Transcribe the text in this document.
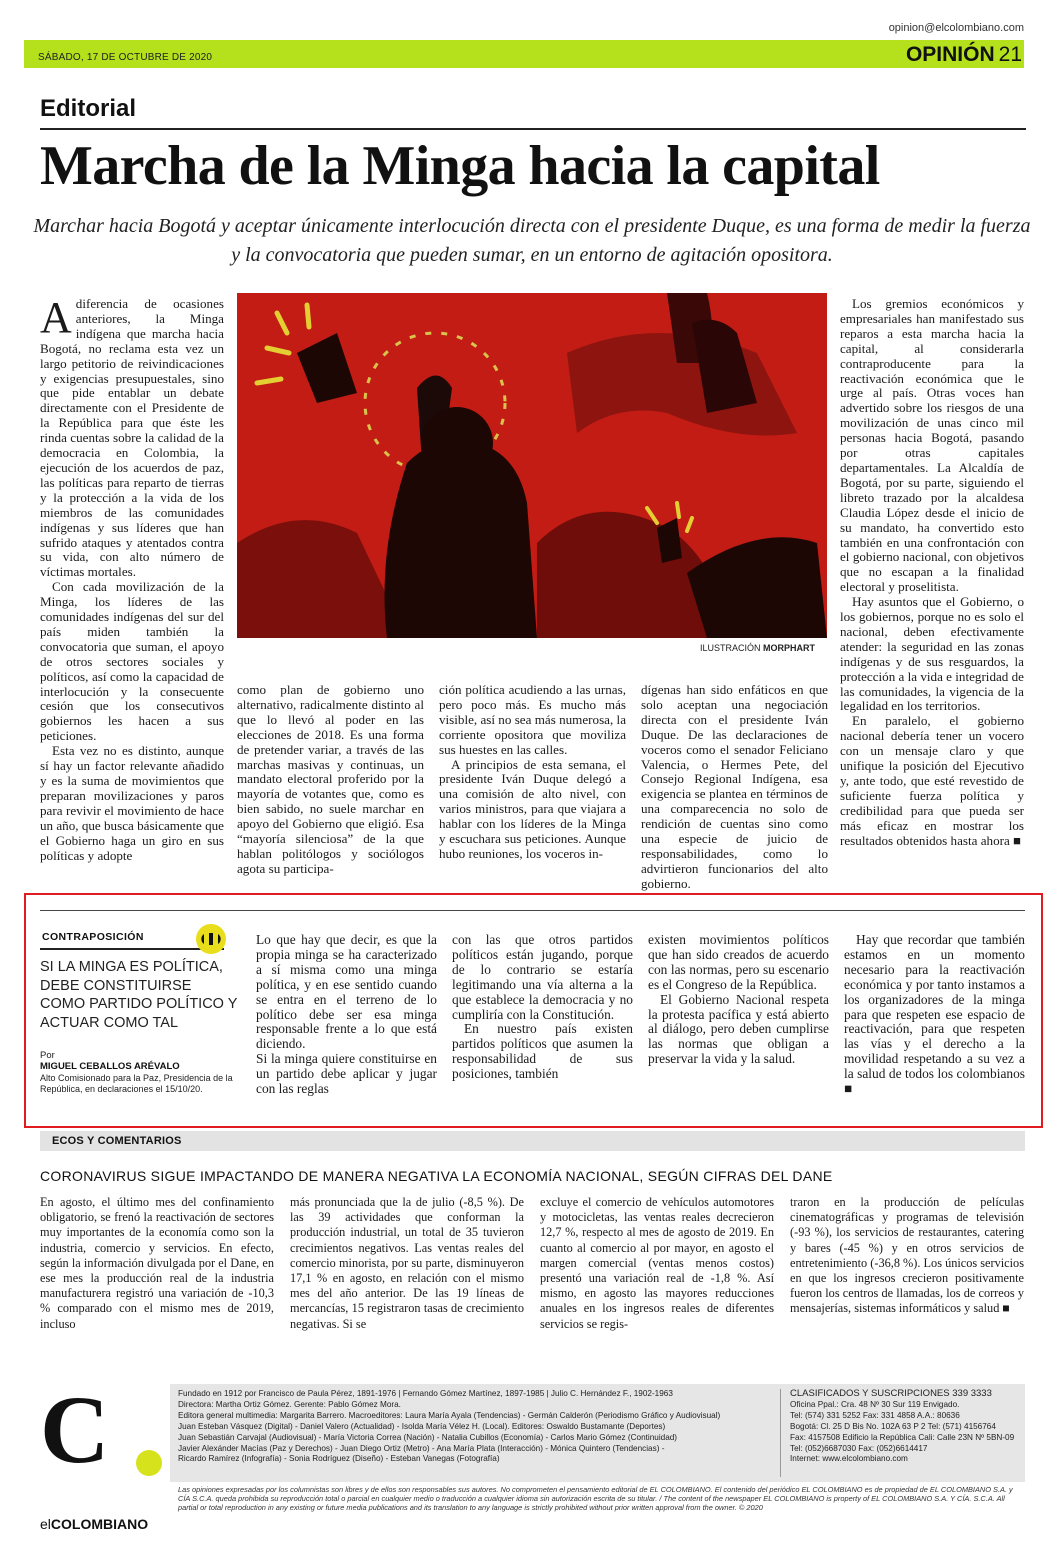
opinion@elcolombiano.com
SÁBADO, 17 DE OCTUBRE DE 2020	OPINIÓN 21
Editorial
Marcha de la Minga hacia la capital
Marchar hacia Bogotá y aceptar únicamente interlocución directa con el presidente Duque, es una forma de medir la fuerza y la convocatoria que pueden sumar, en un entorno de agitación opositora.

Adiferencia de ocasiones anteriores, la Minga indígena que marcha hacia Bogotá, no reclama esta vez un largo petitorio de reivindicaciones y exigencias presupuestales, sino que pide entablar un debate directamente con el Presidente de la República para que éste les rinda cuentas sobre la calidad de la democracia en Colombia, la ejecución de los acuerdos de paz, las políticas para reparto de tierras y la protección a la vida de los miembros de las comunidades indígenas y sus líderes que han sufrido ataques y atentados contra su vida, con alto número de víctimas mortales.

Con cada movilización de la Minga, los líderes de las comunidades indígenas del sur del país miden también la convocatoria que suman, el apoyo de otros sectores sociales y políticos, así como la capacidad de interlocución y la consecuente cesión que los consecutivos gobiernos les hacen a sus peticiones.

Esta vez no es distinto, aunque sí hay un factor relevante añadido y es la suma de movimientos que preparan movilizaciones y paros para revivir el movimiento de hace un año, que busca básicamente que el Gobierno haga un giro en sus políticas y adopte

ILUSTRACIÓN MORPHART

como plan de gobierno uno alternativo, radicalmente distinto al que lo llevó al poder en las elecciones de 2018. Es una forma de pretender variar, a través de las marchas masivas y continuas, un mandato electoral proferido por la mayoría de votantes que, como es bien sabido, no suele marchar en apoyo del Gobierno que eligió. Esa “mayoría silenciosa” de la que hablan politólogos y sociólogos agota su participa-

ción política acudiendo a las urnas, pero poco más. Es mucho más visible, así no sea más numerosa, la corriente opositora que moviliza sus huestes en las calles.

A principios de esta semana, el presidente Iván Duque delegó a una comisión de alto nivel, con varios ministros, para que viajara a hablar con los líderes de la Minga y escuchara sus peticiones. Aunque hubo reuniones, los voceros in-

dígenas han sido enfáticos en que solo aceptan una negociación directa con el presidente Iván Duque. De las declaraciones de voceros como el senador Feliciano Valencia, o Hermes Pete, del Consejo Regional Indígena, esa exigencia se plantea en términos de una comparecencia no solo de rendición de cuentas sino como una especie de juicio de responsabilidades, como lo advirtieron funcionarios del alto gobierno.

Los gremios económicos y empresariales han manifestado sus reparos a esta marcha hacia la capital, al considerarla contraproducente para la reactivación económica que le urge al país. Otras voces han advertido sobre los riesgos de una movilización de unas cinco mil personas hacia Bogotá, pasando por otras capitales departamentales. La Alcaldía de Bogotá, por su parte, siguiendo el libreto trazado por la alcaldesa Claudia López desde el inicio de su mandato, ha convertido esto también en una confrontación con el gobierno nacional, con objetivos que no escapan a la finalidad electoral y proselitista.

Hay asuntos que el Gobierno, o los gobiernos, porque no es solo el nacional, deben efectivamente atender: la seguridad en las zonas indígenas y de sus resguardos, la protección a la vida e integridad de las comunidades, la vigencia de la legalidad en los territorios.

En paralelo, el gobierno nacional debería tener un vocero con un mensaje claro y que unifique la posición del Ejecutivo y, ante todo, que esté revestido de suficiente fuerza política y credibilidad para que pueda ser más eficaz en mostrar los resultados obtenidos hasta ahora ■

CONTRAPOSICIÓN
SI LA MINGA ES POLÍTICA, DEBE CONSTITUIRSE COMO PARTIDO POLÍTICO Y ACTUAR COMO TAL
Por
MIGUEL CEBALLOS ARÉVALO
Alto Comisionado para la Paz, Presidencia de la República, en declaraciones el 15/10/20.

Lo que hay que decir, es que la propia minga se ha caracterizado a sí misma como una minga política, y en ese sentido cuando se entra en el terreno de lo político debe ser esa minga responsable frente a lo que está diciendo.

Si la minga quiere constituirse en un partido debe aplicar y jugar con las reglas

con las que otros partidos políticos están jugando, porque de lo contrario se estaría legitimando una vía alterna a la que establece la democracia y no cumpliría con la Constitución.

En nuestro país existen partidos políticos que asumen la responsabilidad de sus posiciones, también

existen movimientos políticos que han sido creados de acuerdo con las normas, pero su escenario es el Congreso de la República.

El Gobierno Nacional respeta la protesta pacífica y está abierto al diálogo, pero deben cumplirse las normas que obligan a preservar la vida y la salud.

Hay que recordar que también estamos en un momento necesario para la reactivación económica y por tanto instamos a los organizadores de la minga para que respeten ese espacio de reactivación, para que respeten las vías y el derecho a la movilidad respetando a su vez a la salud de todos los colombianos ■

ECOS Y COMENTARIOS
CORONAVIRUS SIGUE IMPACTANDO DE MANERA NEGATIVA LA ECONOMÍA NACIONAL, SEGÚN CIFRAS DEL DANE

En agosto, el último mes del confinamiento obligatorio, se frenó la reactivación de sectores muy importantes de la economía como son la industria, comercio y servicios. En efecto, según la información divulgada por el Dane, en ese mes la producción real de la industria manufacturera registró una variación de -10,3 % comparado con el mismo mes de 2019, incluso

más pronunciada que la de julio (-8,5 %). De las 39 actividades que conforman la producción industrial, un total de 35 tuvieron crecimientos negativos. Las ventas reales del comercio minorista, por su parte, disminuyeron 17,1 % en agosto, en relación con el mismo mes del año anterior. De las 19 líneas de mercancías, 15 registraron tasas de crecimiento negativas. Si se

excluye el comercio de vehículos automotores y motocicletas, las ventas reales decrecieron 12,7 %, respecto al mes de agosto de 2019. En cuanto al comercio al por mayor, en agosto el margen comercial (ventas menos costos) presentó una variación real de -1,8 %. Así mismo, en agosto las mayores reducciones anuales en los ingresos reales de diferentes servicios se regis-

traron en la producción de películas cinematográficas y programas de televisión (-93 %), los servicios de restaurantes, catering y bares (-45 %) y en otros servicios de entretenimiento (-36,8 %). Los únicos servicios en que los ingresos crecieron positivamente fueron los centros de llamadas, los de correos y mensajerías, sistemas informáticos y salud ■

C
elCOLOMBIANO
Fundado en 1912 por Francisco de Paula Pérez, 1891-1976 | Fernando Gómez Martínez, 1897-1985 | Julio C. Hernández F., 1902-1963
Directora: Martha Ortiz Gómez. Gerente: Pablo Gómez Mora.
Editora general multimedia: Margarita Barrero. Macroeditores: Laura María Ayala (Tendencias) - Germán Calderón (Periodismo Gráfico y Audiovisual)
Juan Esteban Vásquez (Digital) - Daniel Valero (Actualidad) - Isolda María Vélez H. (Local). Editores: Oswaldo Bustamante (Deportes)
Juan Sebastián Carvajal (Audiovisual) - María Victoria Correa (Nación) - Natalia Cubillos (Economía) - Carlos Mario Gómez (Continuidad)
Javier Alexánder Macías (Paz y Derechos) - Juan Diego Ortiz (Metro) - Ana María Plata (Interacción) - Mónica Quintero (Tendencias) -
Ricardo Ramírez (Infografía) - Sonia Rodríguez (Diseño) - Esteban Vanegas (Fotografía)
CLASIFICADOS Y SUSCRIPCIONES 339 3333
Oficina Ppal.: Cra. 48 Nº 30 Sur 119 Envigado.
Tel: (574) 331 5252 Fax: 331 4858 A.A.: 80636
Bogotá: Cl. 25 D Bis No. 102A 63 P 2 Tel: (571) 4156764
Fax: 4157508 Edificio la República Cali: Calle 23N Nº 5BN-09
Tel: (052)6687030 Fax: (052)6614417
Internet: www.elcolombiano.com
Las opiniones expresadas por los columnistas son libres y de ellos son responsables sus autores. No comprometen el pensamiento editorial de EL COLOMBIANO. El contenido del periódico EL COLOMBIANO es de propiedad de EL COLOMBIANO S.A. y CÍA S.C.A. queda prohibida su reproducción total o parcial en cualquier medio o traducción a cualquier idioma sin autorización escrita de su titular. / The content of the newspaper EL COLOMBIANO is property of EL COLOMBIANO S.A. Y CÍA. S.C.A. All partial or total reproduction in any existing or future media publications and its translation to any language is strictly prohibited without prior written approval from the owner. © 2020
